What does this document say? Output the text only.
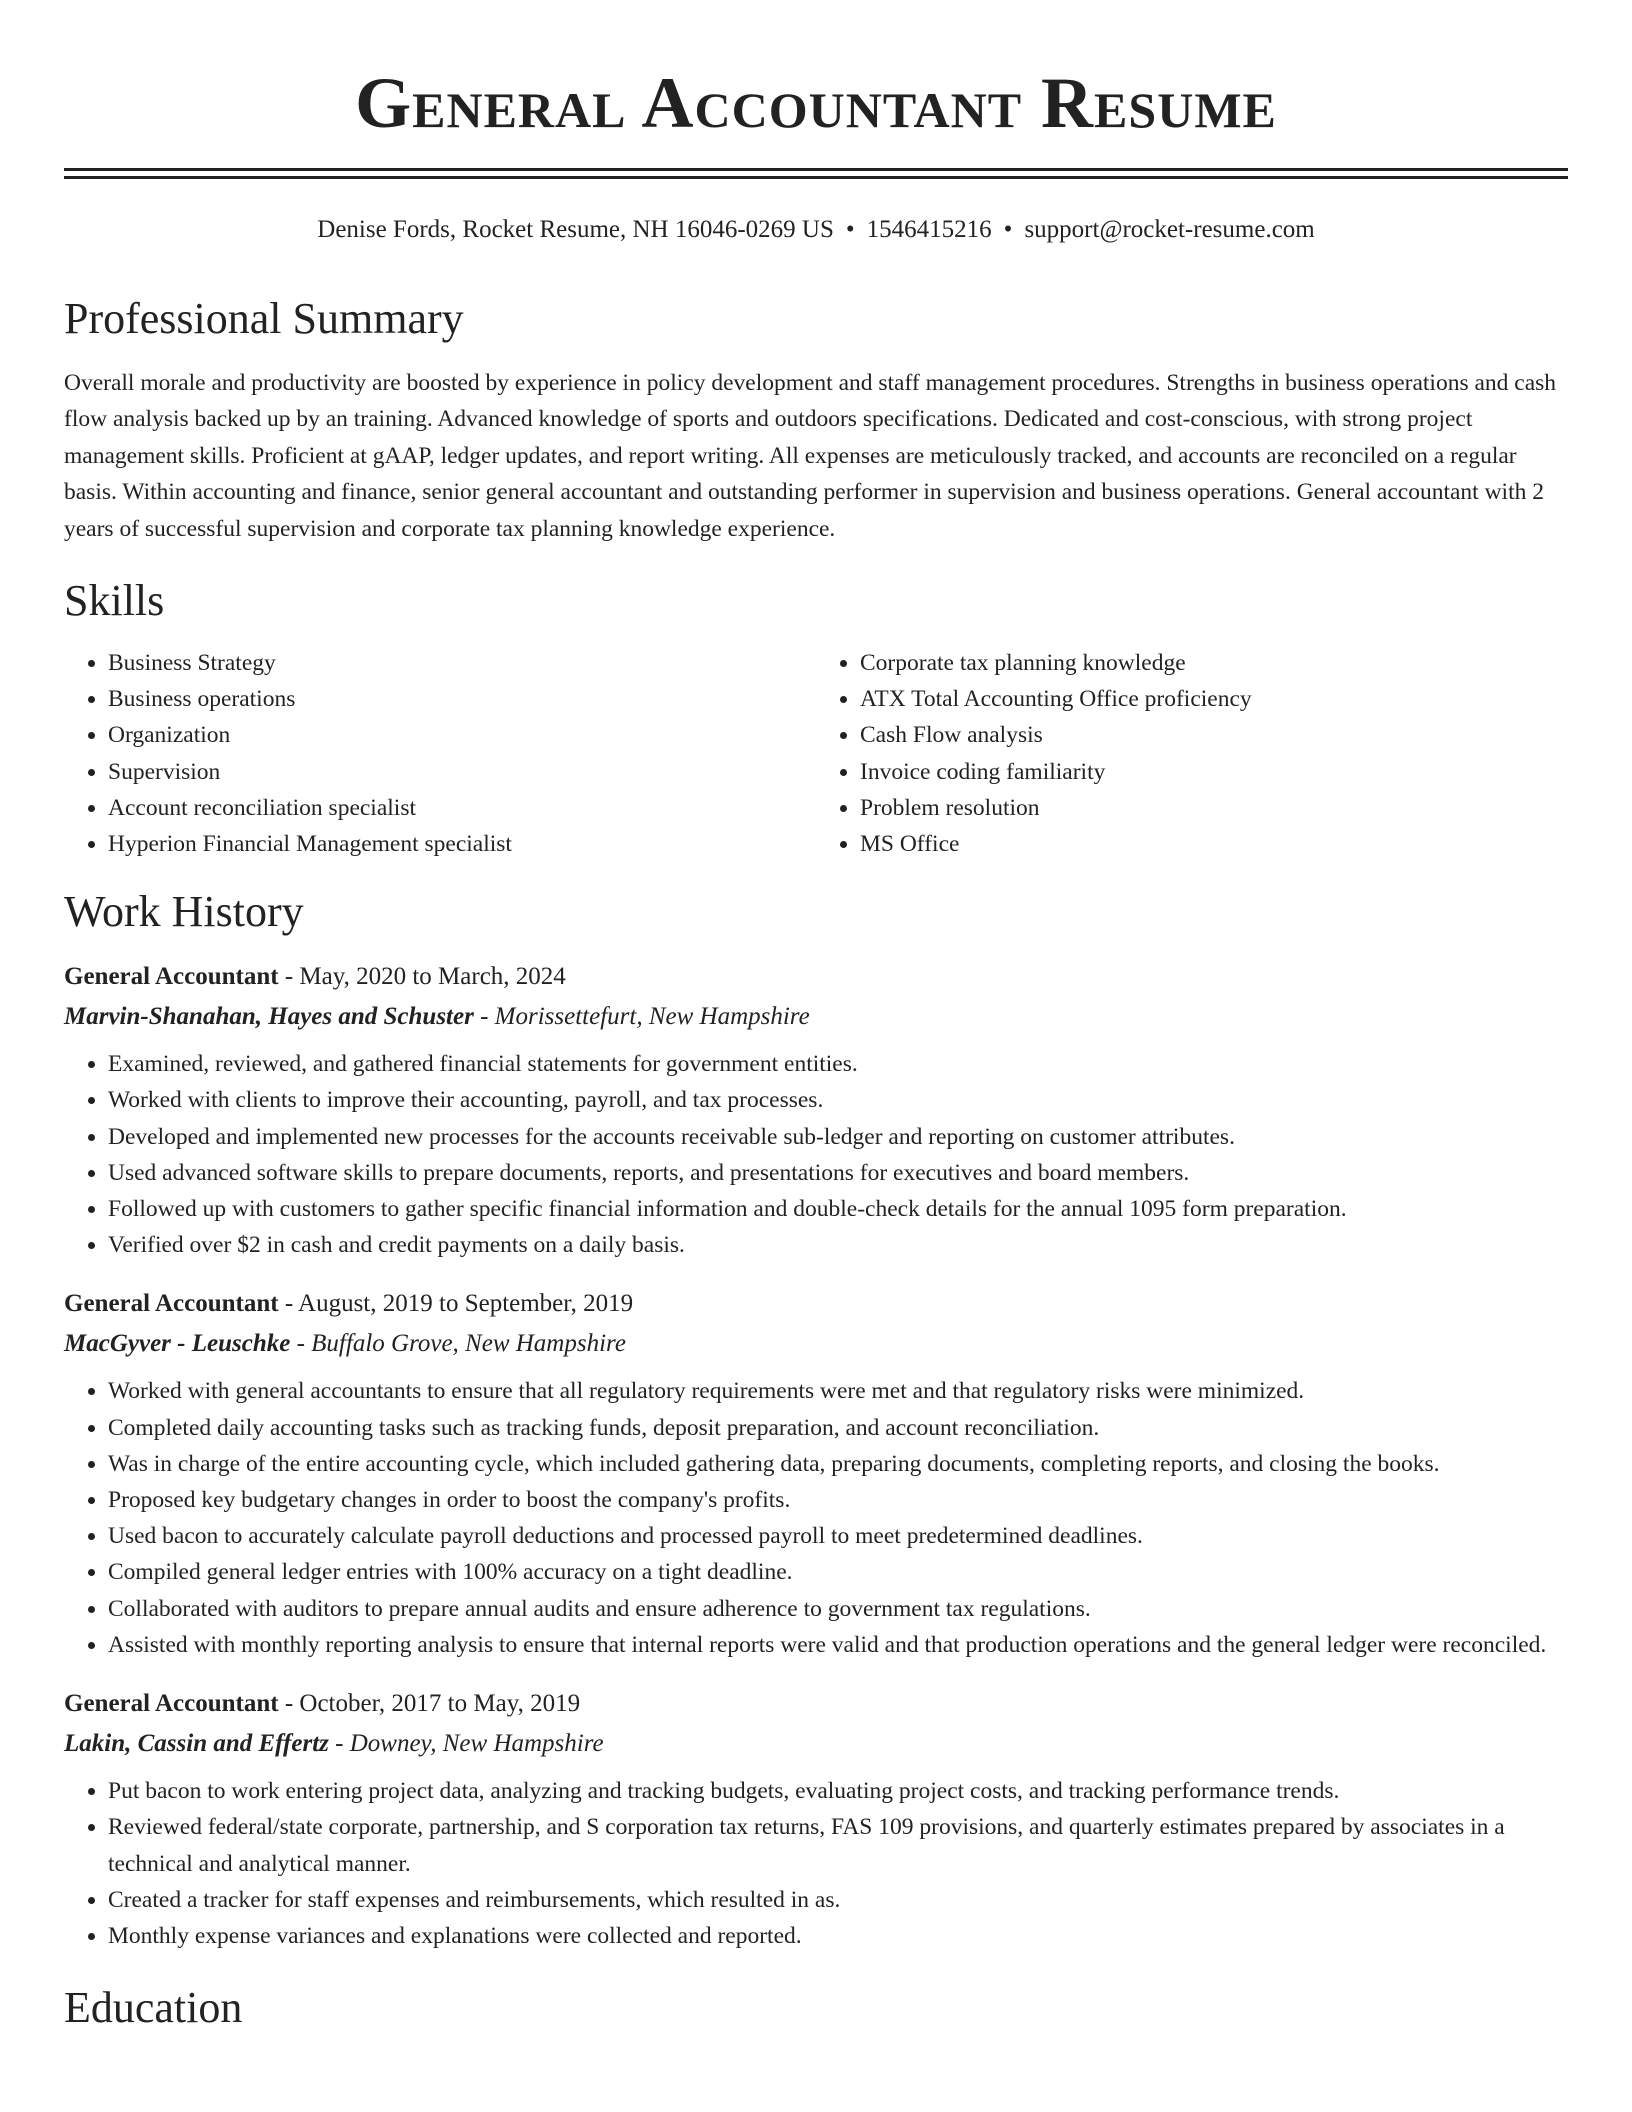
General Accountant Resume
Denise Fords, Rocket Resume, NH 16046-0269 US • 1546415216 • support@rocket-resume.com
Professional Summary

Overall morale and productivity are boosted by experience in policy development and staff management procedures. Strengths in business operations and cash flow analysis backed up by an training. Advanced knowledge of sports and outdoors specifications. Dedicated and cost-conscious, with strong project management skills. Proficient at gAAP, ledger updates, and report writing. All expenses are meticulously tracked, and accounts are reconciled on a regular basis. Within accounting and finance, senior general accountant and outstanding performer in supervision and business operations. General accountant with 2 years of successful supervision and corporate tax planning knowledge experience.

Skills
• Business Strategy
• Business operations
• Organization
• Supervision
• Account reconciliation specialist
• Hyperion Financial Management specialist
• Corporate tax planning knowledge
• ATX Total Accounting Office proficiency
• Cash Flow analysis
• Invoice coding familiarity
• Problem resolution
• MS Office
Work History
General Accountant - May, 2020 to March, 2024
Marvin-Shanahan, Hayes and Schuster - Morissettefurt, New Hampshire
• Examined, reviewed, and gathered financial statements for government entities.
• Worked with clients to improve their accounting, payroll, and tax processes.
• Developed and implemented new processes for the accounts receivable sub-ledger and reporting on customer attributes.
• Used advanced software skills to prepare documents, reports, and presentations for executives and board members.
• Followed up with customers to gather specific financial information and double-check details for the annual 1095 form preparation.
• Verified over $2 in cash and credit payments on a daily basis.
General Accountant - August, 2019 to September, 2019
MacGyver - Leuschke - Buffalo Grove, New Hampshire
• Worked with general accountants to ensure that all regulatory requirements were met and that regulatory risks were minimized.
• Completed daily accounting tasks such as tracking funds, deposit preparation, and account reconciliation.
• Was in charge of the entire accounting cycle, which included gathering data, preparing documents, completing reports, and closing the books.
• Proposed key budgetary changes in order to boost the company's profits.
• Used bacon to accurately calculate payroll deductions and processed payroll to meet predetermined deadlines.
• Compiled general ledger entries with 100% accuracy on a tight deadline.
• Collaborated with auditors to prepare annual audits and ensure adherence to government tax regulations.
• Assisted with monthly reporting analysis to ensure that internal reports were valid and that production operations and the general ledger were reconciled.
General Accountant - October, 2017 to May, 2019
Lakin, Cassin and Effertz - Downey, New Hampshire
• Put bacon to work entering project data, analyzing and tracking budgets, evaluating project costs, and tracking performance trends.
• Reviewed federal/state corporate, partnership, and S corporation tax returns, FAS 109 provisions, and quarterly estimates prepared by associates in a technical and analytical manner.
• Created a tracker for staff expenses and reimbursements, which resulted in as.
• Monthly expense variances and explanations were collected and reported.
Education
